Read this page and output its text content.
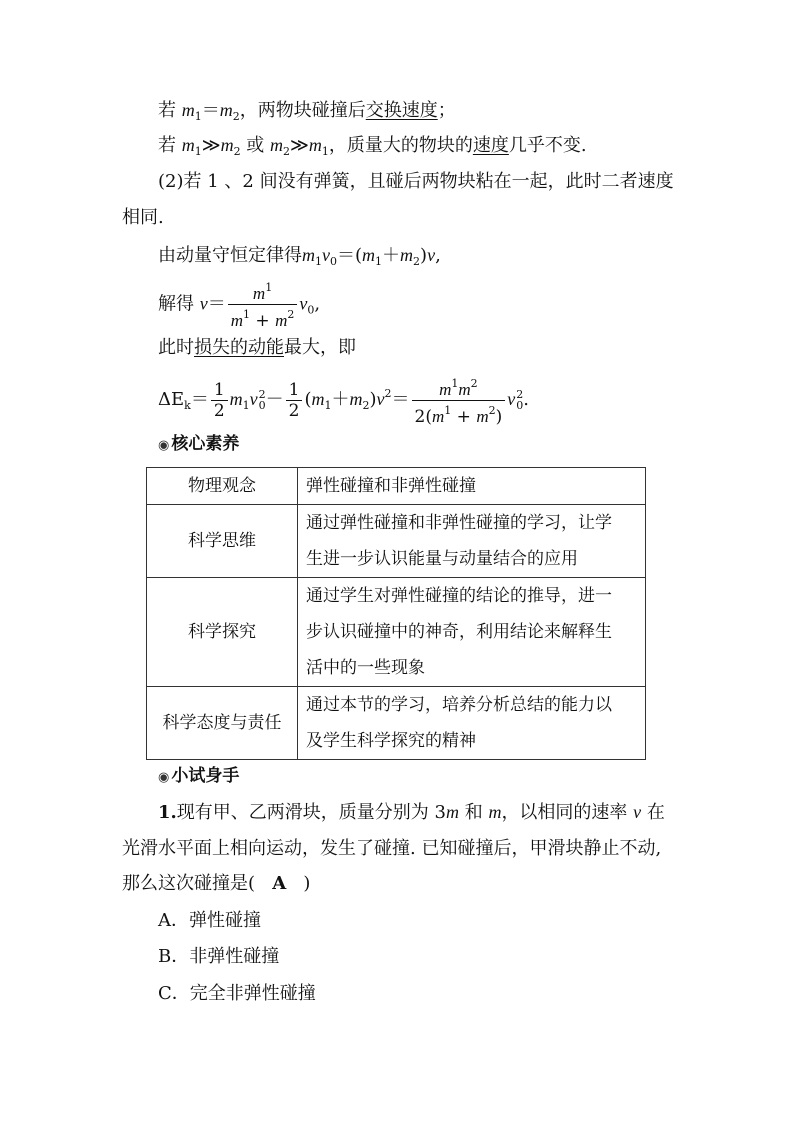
若 $m_1=m_2$，两物块碰撞后交换速度；
若 $m_1≫m_2$ 或 $m_2≫m_1$，质量大的物块的速度几乎不变.
(2)若 1 、2 间没有弹簧，且碰后两物块粘在一起，此时二者速度
相同.
由动量守恒定律得$m_1v_0=(m_1+m_2)v$,
解得 $v= \frac{m^1}{m^1 + m^2} v_0$,
此时损失的动能最大，即
$\Delta E_k= \frac{1}{2} m_1v$ 2
$0 - \frac{1}{2} (m_1+m_2)v^2= \frac{m^1m^2}{2(m^1 + m^2)}$ v 2
0 .
◉ 核心素养
物理观念	弹性碰撞和非弹性碰撞
科学思维	通过弹性碰撞和非弹性碰撞的学习，让学
生进一步认识能量与动量结合的应用

科学探究	通过学生对弹性碰撞的结论的推导，进一
步认识碰撞中的神奇，利用结论来解释生
活中的一些现象

科学态度与责任	通过本节的学习，培养分析总结的能力以
及学生科学探究的精神
◉ 小试身手
1.现有甲、乙两滑块，质量分别为 3m 和 m，以相同的速率 v 在
光滑水平面上相向运动，发生了碰撞. 已知碰撞后，甲滑块静止不动,
那么这次碰撞是( A )
A．弹性碰撞
B．非弹性碰撞
C．完全非弹性碰撞
